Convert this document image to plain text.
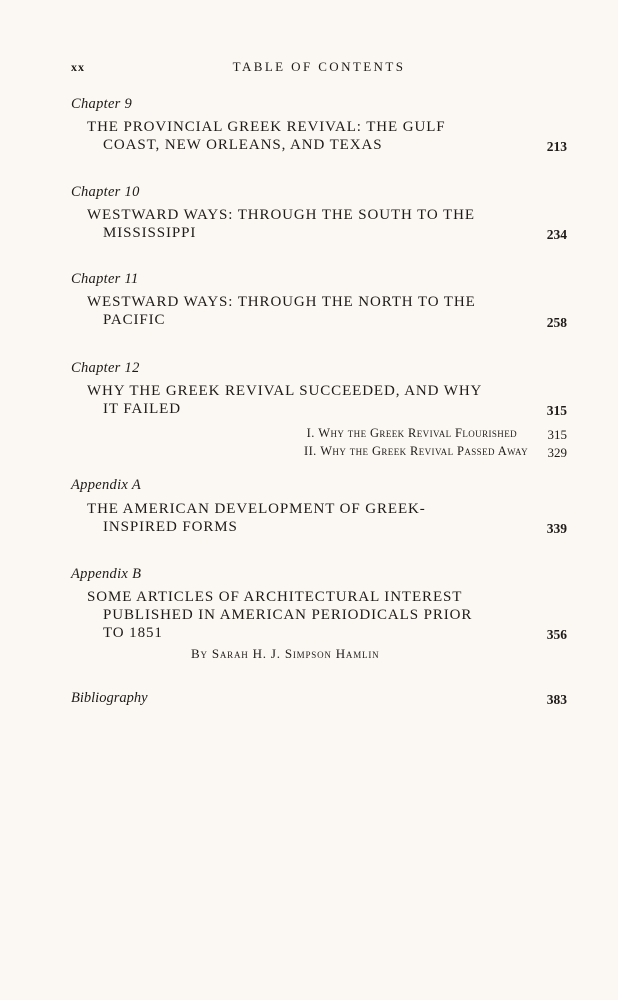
xx	TABLE OF CONTENTS
Chapter 9
THE PROVINCIAL GREEK REVIVAL: THE GULF
COAST, NEW ORLEANS, AND TEXAS	213
Chapter 10
WESTWARD WAYS: THROUGH THE SOUTH TO THE
MISSISSIPPI	234
Chapter 11
WESTWARD WAYS: THROUGH THE NORTH TO THE
PACIFIC	258
Chapter 12
WHY THE GREEK REVIVAL SUCCEEDED, AND WHY
IT FAILED	315
I. Why the Greek Revival Flourished 315
II. Why the Greek Revival Passed Away 329
Appendix A
THE AMERICAN DEVELOPMENT OF GREEK-
INSPIRED FORMS	339
Appendix B
SOME ARTICLES OF ARCHITECTURAL INTEREST
PUBLISHED IN AMERICAN PERIODICALS PRIOR
TO 1851	356
By Sarah H. J. Simpson Hamlin
Bibliography	383
